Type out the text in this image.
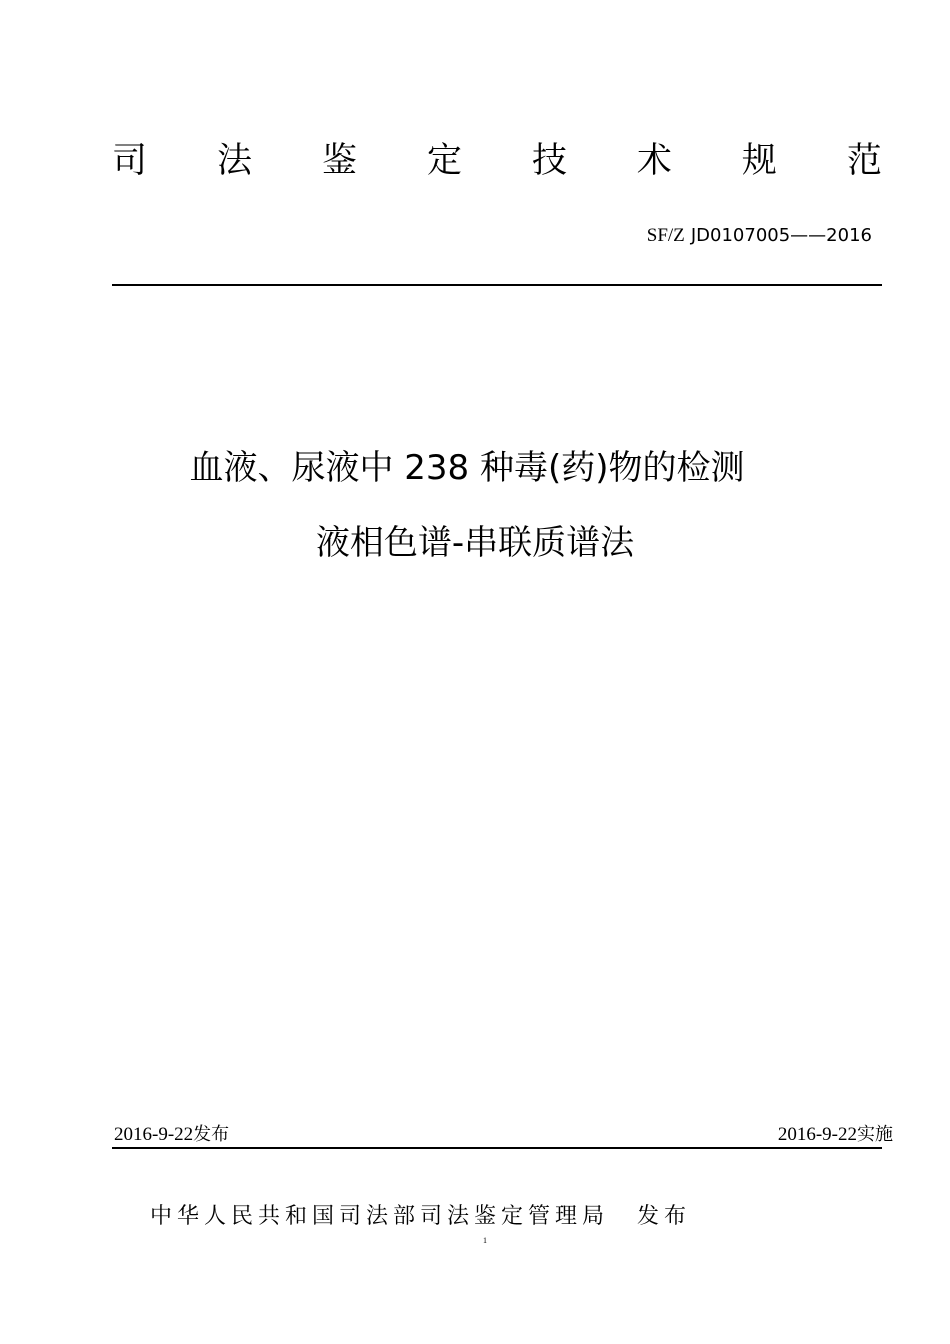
司 法 鉴 定 技 术 规 范
SF/Z JD0107005——2016
血液、尿液中 238 种毒(药)物的检测
液相色谱-串联质谱法
2016-9-22发布	2016-9-22实施
中华人民共和国司法部司法鉴定管理局 发布
1
